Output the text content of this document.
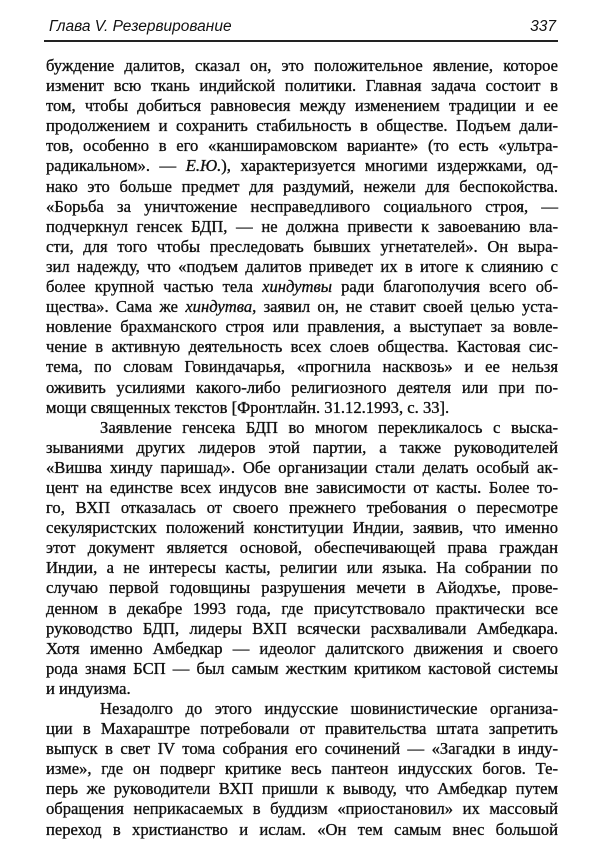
Глава V. Резервирование	337
буждение далитов, сказал он, это положительное явление, которое
изменит всю ткань индийской политики. Главная задача состоит в
том, чтобы добиться равновесия между изменением традиции и ее
продолжением и сохранить стабильность в обществе. Подъем дали-
тов, особенно в его «канширамовском варианте» (то есть «ультра-
радикальном». — Е.Ю.), характеризуется многими издержками, од-
нако это больше предмет для раздумий, нежели для беспокойства.
«Борьба за уничтожение несправедливого социального строя, —
подчеркнул генсек БДП, — не должна привести к завоеванию вла-
сти, для того чтобы преследовать бывших угнетателей». Он выра-
зил надежду, что «подъем далитов приведет их в итоге к слиянию с
более крупной частью тела хиндутвы ради благополучия всего об-
щества». Сама же хиндутва, заявил он, не ставит своей целью уста-
новление брахманского строя или правления, а выступает за вовле-
чение в активную деятельность всех слоев общества. Кастовая сис-
тема, по словам Говиндачарья, «прогнила насквозь» и ее нельзя
оживить усилиями какого-либо религиозного деятеля или при по-
мощи священных текстов [Фронтлайн. 31.12.1993, с. 33].
Заявление генсека БДП во многом перекликалось с выска-
зываниями других лидеров этой партии, а также руководителей
«Вишва хинду паришад». Обе организации стали делать особый ак-
цент на единстве всех индусов вне зависимости от касты. Более то-
го, ВХП отказалась от своего прежнего требования о пересмотре
секуляристских положений конституции Индии, заявив, что именно
этот документ является основой, обеспечивающей права граждан
Индии, а не интересы касты, религии или языка. На собрании по
случаю первой годовщины разрушения мечети в Айодхъе, прове-
денном в декабре 1993 года, где присутствовало практически все
руководство БДП, лидеры ВХП всячески расхваливали Амбедкара.
Хотя именно Амбедкар — идеолог далитского движения и своего
рода знамя БСП — был самым жестким критиком кастовой системы
и индуизма.
Незадолго до этого индусские шовинистические организа-
ции в Махараштре потребовали от правительства штата запретить
выпуск в свет IV тома собрания его сочинений — «Загадки в инду-
изме», где он подверг критике весь пантеон индусских богов. Те-
перь же руководители ВХП пришли к выводу, что Амбедкар путем
обращения неприкасаемых в буддизм «приостановил» их массовый
переход в христианство и ислам. «Он тем самым внес большой
